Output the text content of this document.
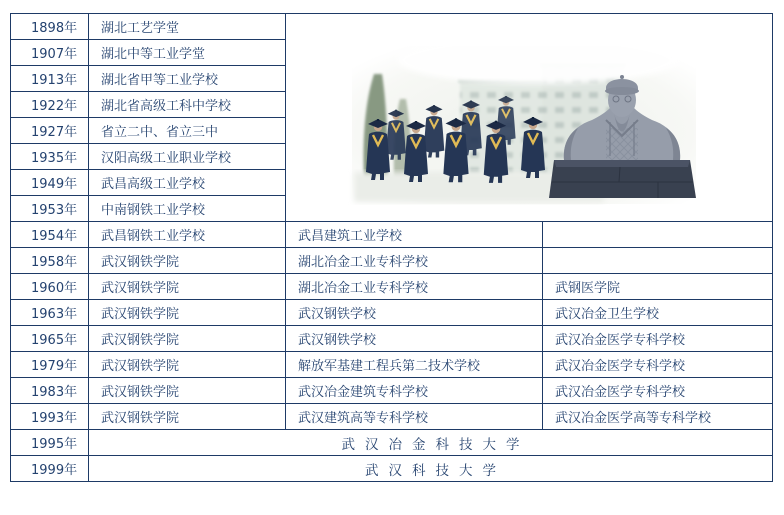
1898年	湖北工艺学堂	

1907年	湖北中等工业学堂		
1913年	湖北省甲等工业学校		
1922年	湖北省高级工科中学校		
1927年	省立二中、省立三中		
1935年	汉阳高级工业职业学校		
1949年	武昌高级工业学校		
1953年	中南钢铁工业学校		
1954年	武昌钢铁工业学校	武昌建筑工业学校	
1958年	武汉钢铁学院	湖北冶金工业专科学校	
1960年	武汉钢铁学院	湖北冶金工业专科学校	武钢医学院
1963年	武汉钢铁学院	武汉钢铁学校	武汉冶金卫生学校
1965年	武汉钢铁学院	武汉钢铁学校	武汉冶金医学专科学校
1979年	武汉钢铁学院	解放军基建工程兵第二技术学校	武汉冶金医学专科学校
1983年	武汉钢铁学院	武汉冶金建筑专科学校	武汉冶金医学专科学校
1993年	武汉钢铁学院	武汉建筑高等专科学校	武汉冶金医学高等专科学校
1995年	武汉冶金科技大学		
1999年	武汉科技大学		
